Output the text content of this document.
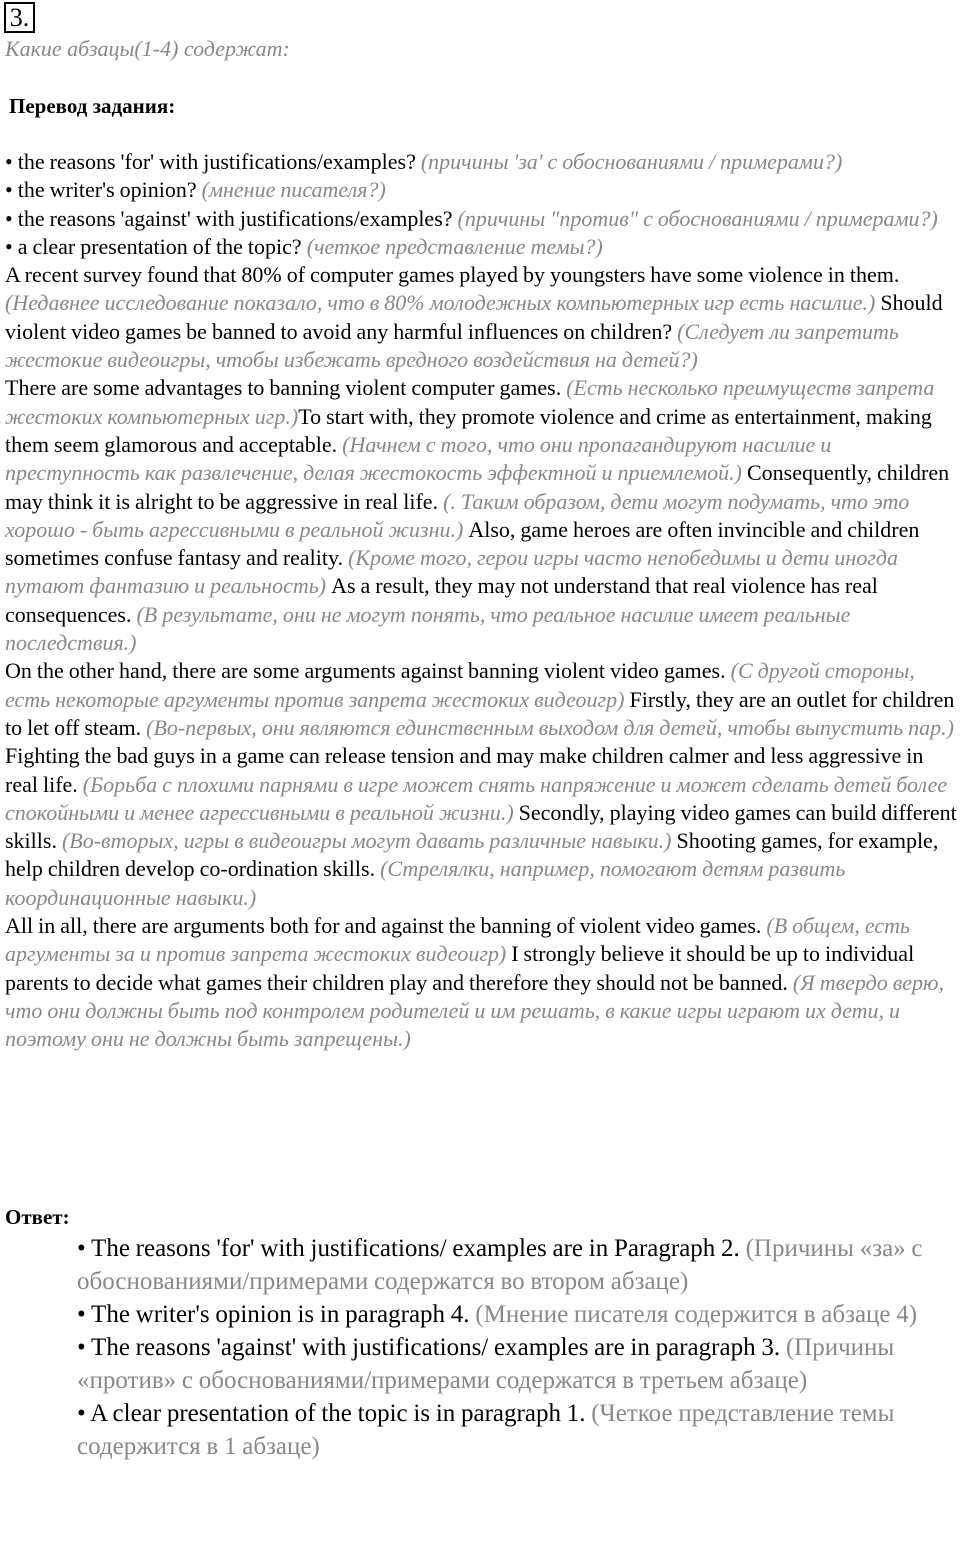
3.
Какие абзацы(1-4) содержат:
Перевод задания:

• the reasons 'for' with justifications/examples? (причины 'за' с обоснованиями / примерами?)

• the writer's opinion? (мнение писателя?)

• the reasons 'against' with justifications/examples? (причины "против" с обоснованиями / примерами?)

• a clear presentation of the topic? (четкое представление темы?)

A recent survey found that 80% of computer games played by youngsters have some violence in them. (Недавнее исследование показало, что в 80% молодежных компьютерных игр есть насилие.) Should violent video games be banned to avoid any harmful influences on children? (Следует ли запретить жестокие видеоигры, чтобы избежать вредного воздействия на детей?)

There are some advantages to banning violent computer games. (Есть несколько преимуществ запрета жестоких компьютерных игр.)To start with, they promote violence and crime as entertainment, making them seem glamorous and acceptable. (Начнем с того, что они пропагандируют насилие и преступность как развлечение, делая жестокость эффектной и приемлемой.) Consequently, children may think it is alright to be aggressive in real life. (. Таким образом, дети могут подумать, что это хорошо - быть агрессивными в реальной жизни.) Also, game heroes are often invincible and children sometimes confuse fantasy and reality. (Кроме того, герои игры часто непобедимы и дети иногда путают фантазию и реальность) As a result, they may not understand that real violence has real consequences. (В результате, они не могут понять, что реальное насилие имеет реальные последствия.)

On the other hand, there are some arguments against banning violent video games. (С другой стороны, есть некоторые аргументы против запрета жестоких видеоигр) Firstly, they are an outlet for children to let off steam. (Во-первых, они являются единственным выходом для детей, чтобы выпустить пар.) Fighting the bad guys in a game can release tension and may make children calmer and less aggressive in real life. (Борьба с плохими парнями в игре может снять напряжение и может сделать детей более спокойными и менее агрессивными в реальной жизни.) Secondly, playing video games can build different skills. (Во-вторых, игры в видеоигры могут давать различные навыки.) Shooting games, for example, help children develop co-ordination skills. (Стрелялки, например, помогают детям развить координационные навыки.)

All in all, there are arguments both for and against the banning of violent video games. (В общем, есть аргументы за и против запрета жестоких видеоигр) I strongly believe it should be up to individual parents to decide what games their children play and therefore they should not be banned. (Я твердо верю, что они должны быть под контролем родителей и им решать, в какие игры играют их дети, и поэтому они не должны быть запрещены.)

Ответ:

• The reasons 'for' with justifications/ examples are in Paragraph 2. (Причины «за» с обоснованиями/примерами содержатся во втором абзаце)

• The writer's opinion is in paragraph 4. (Мнение писателя содержится в абзаце 4)

• The reasons 'against' with justifications/ examples are in paragraph 3. (Причины «против» с обоснованиями/примерами содержатся в третьем абзаце)

• A clear presentation of the topic is in paragraph 1. (Четкое представление темы содержится в 1 абзаце)
